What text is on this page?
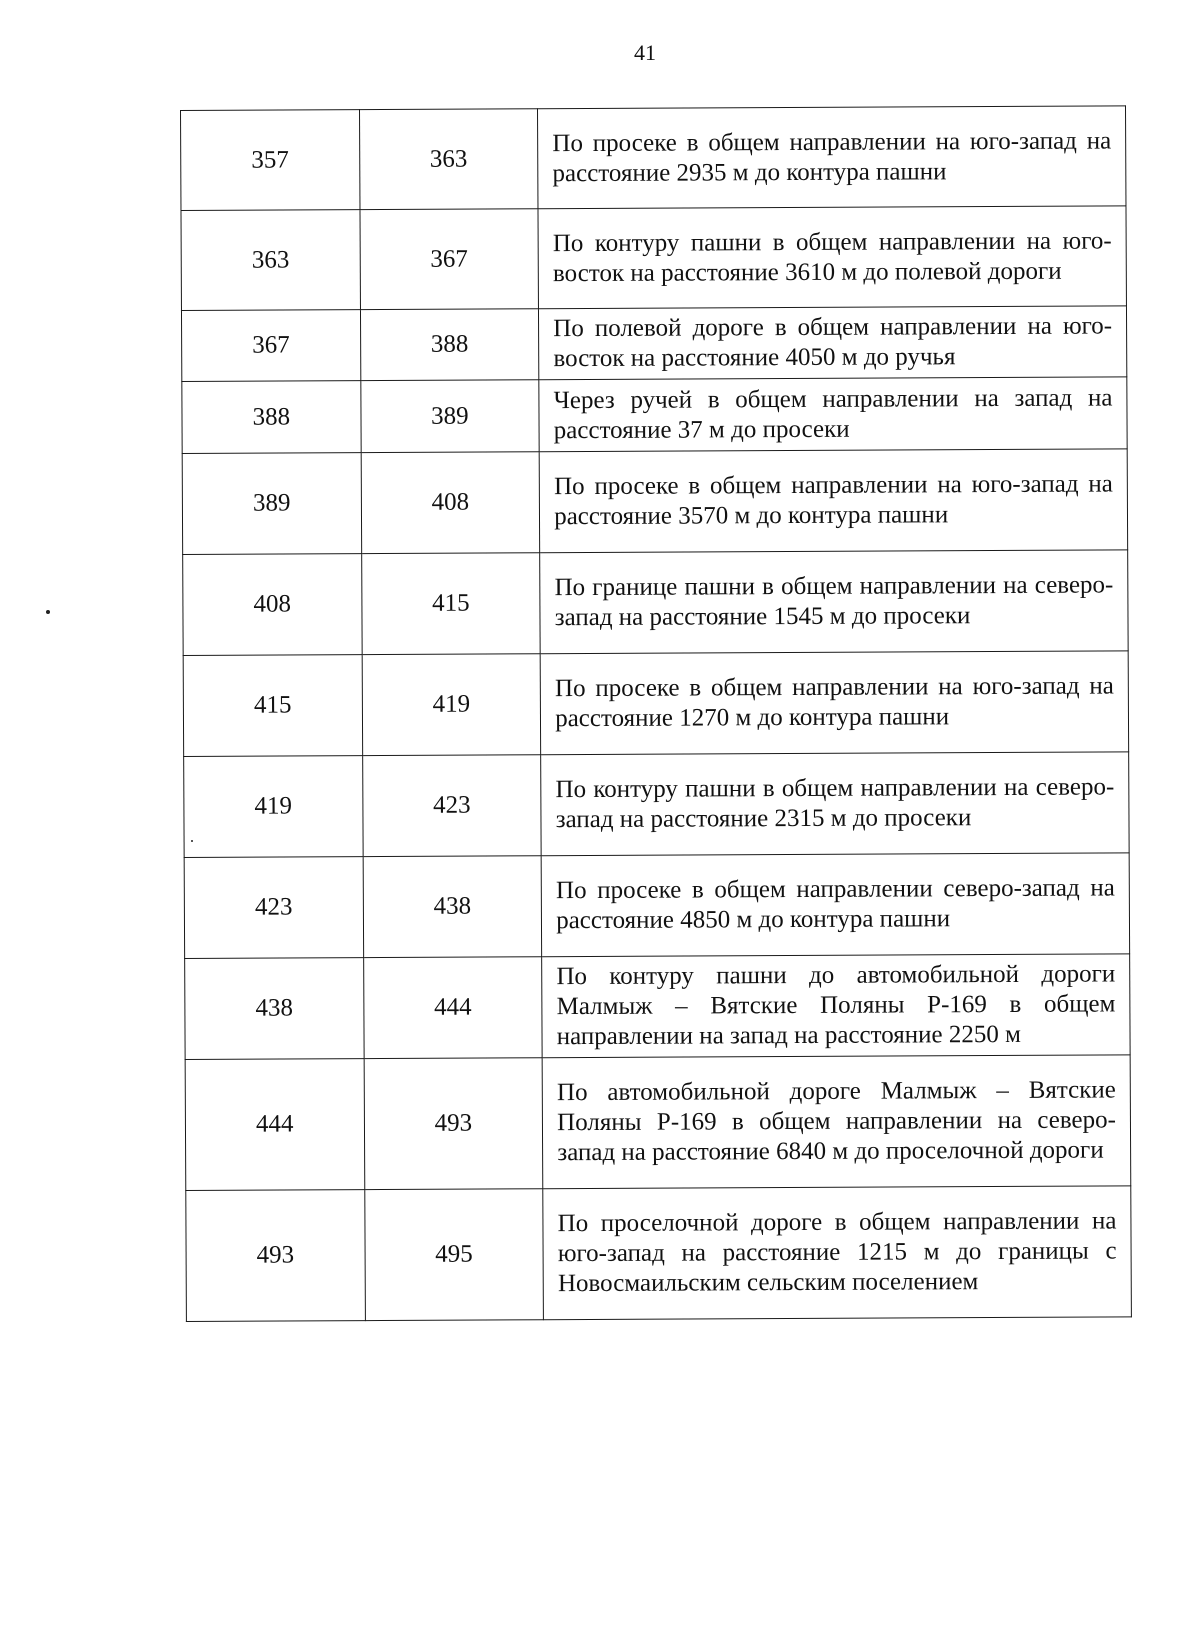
41
357	363	По просеке в общем направлении на юго-запад на расстояние 2935 м до контура пашни
363	367	По контуру пашни в общем направлении на юго-восток на расстояние 3610 м до полевой дороги
367	388	По полевой дороге в общем направлении на юго-восток на расстояние 4050 м до ручья
388	389	Через ручей в общем направлении на запад на расстояние 37 м до просеки
389	408	По просеке в общем направлении на юго-запад на расстояние 3570 м до контура пашни
408	415	По границе пашни в общем направлении на северо-запад на расстояние 1545 м до просеки
415	419	По просеке в общем направлении на юго-запад на расстояние 1270 м до контура пашни
419	423	По контуру пашни в общем направлении на северо-запад на расстояние 2315 м до просеки
423	438	По просеке в общем направлении северо-запад на расстояние 4850 м до контура пашни
438	444	По контуру пашни до автомобильной дороги Малмыж – Вятские Поляны Р-169 в общем направлении на запад на расстояние 2250 м
444	493	По автомобильной дороге Малмыж – Вятские Поляны Р-169 в общем направлении на северо-запад на расстояние 6840 м до проселочной дороги
493	495	По проселочной дороге в общем направлении на юго-запад на расстояние 1215 м до границы с Новосмаильским сельским поселением
